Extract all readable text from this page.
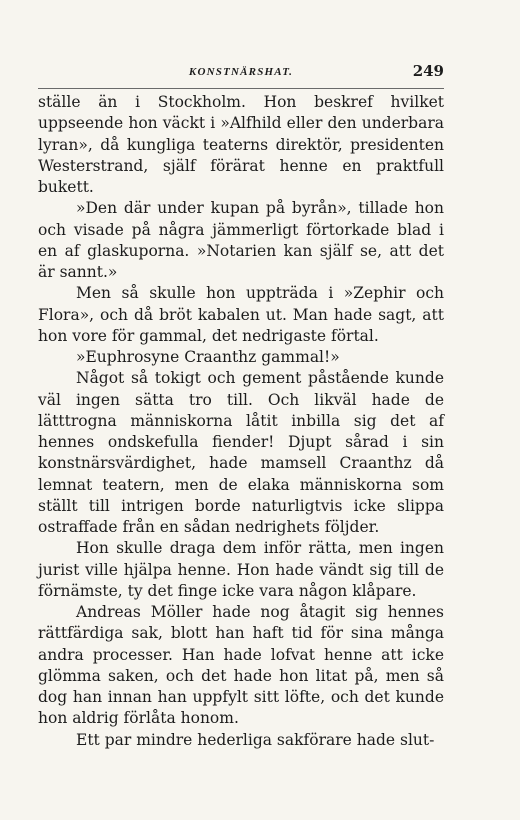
KONSTNÄRSHAT.	249

ställe än i Stockholm. Hon beskref hvilket uppseende hon väckt i »Alfhild eller den underbara lyran», då kungliga teaterns direktör, presidenten Westerstrand, själf förärat henne en praktfull bukett.

»Den där under kupan på byrån», tillade hon och visade på några jämmerligt förtorkade blad i en af glaskuporna. »Notarien kan själf se, att det är sannt.»

Men så skulle hon uppträda i »Zephir och Flora», och då bröt kabalen ut. Man hade sagt, att hon vore för gammal, det nedrigaste förtal.

»Euphrosyne Craanthz gammal!»

Något så tokigt och gement påstående kunde väl ingen sätta tro till. Och likväl hade de lätttrogna människorna låtit inbilla sig det af hennes ondskefulla fiender! Djupt sårad i sin konstnärsvärdighet, hade mamsell Craanthz då lemnat teatern, men de elaka människorna som ställt till intrigen borde naturligtvis icke slippa ostraffade från en sådan nedrighets följder.

Hon skulle draga dem inför rätta, men ingen jurist ville hjälpa henne. Hon hade vändt sig till de förnämste, ty det finge icke vara någon klåpare.

Andreas Möller hade nog åtagit sig hennes rättfärdiga sak, blott han haft tid för sina många andra processer. Han hade lofvat henne att icke glömma saken, och det hade hon litat på, men så dog han innan han uppfylt sitt löfte, och det kunde hon aldrig förlåta honom.

Ett par mindre hederliga sakförare hade slut-
